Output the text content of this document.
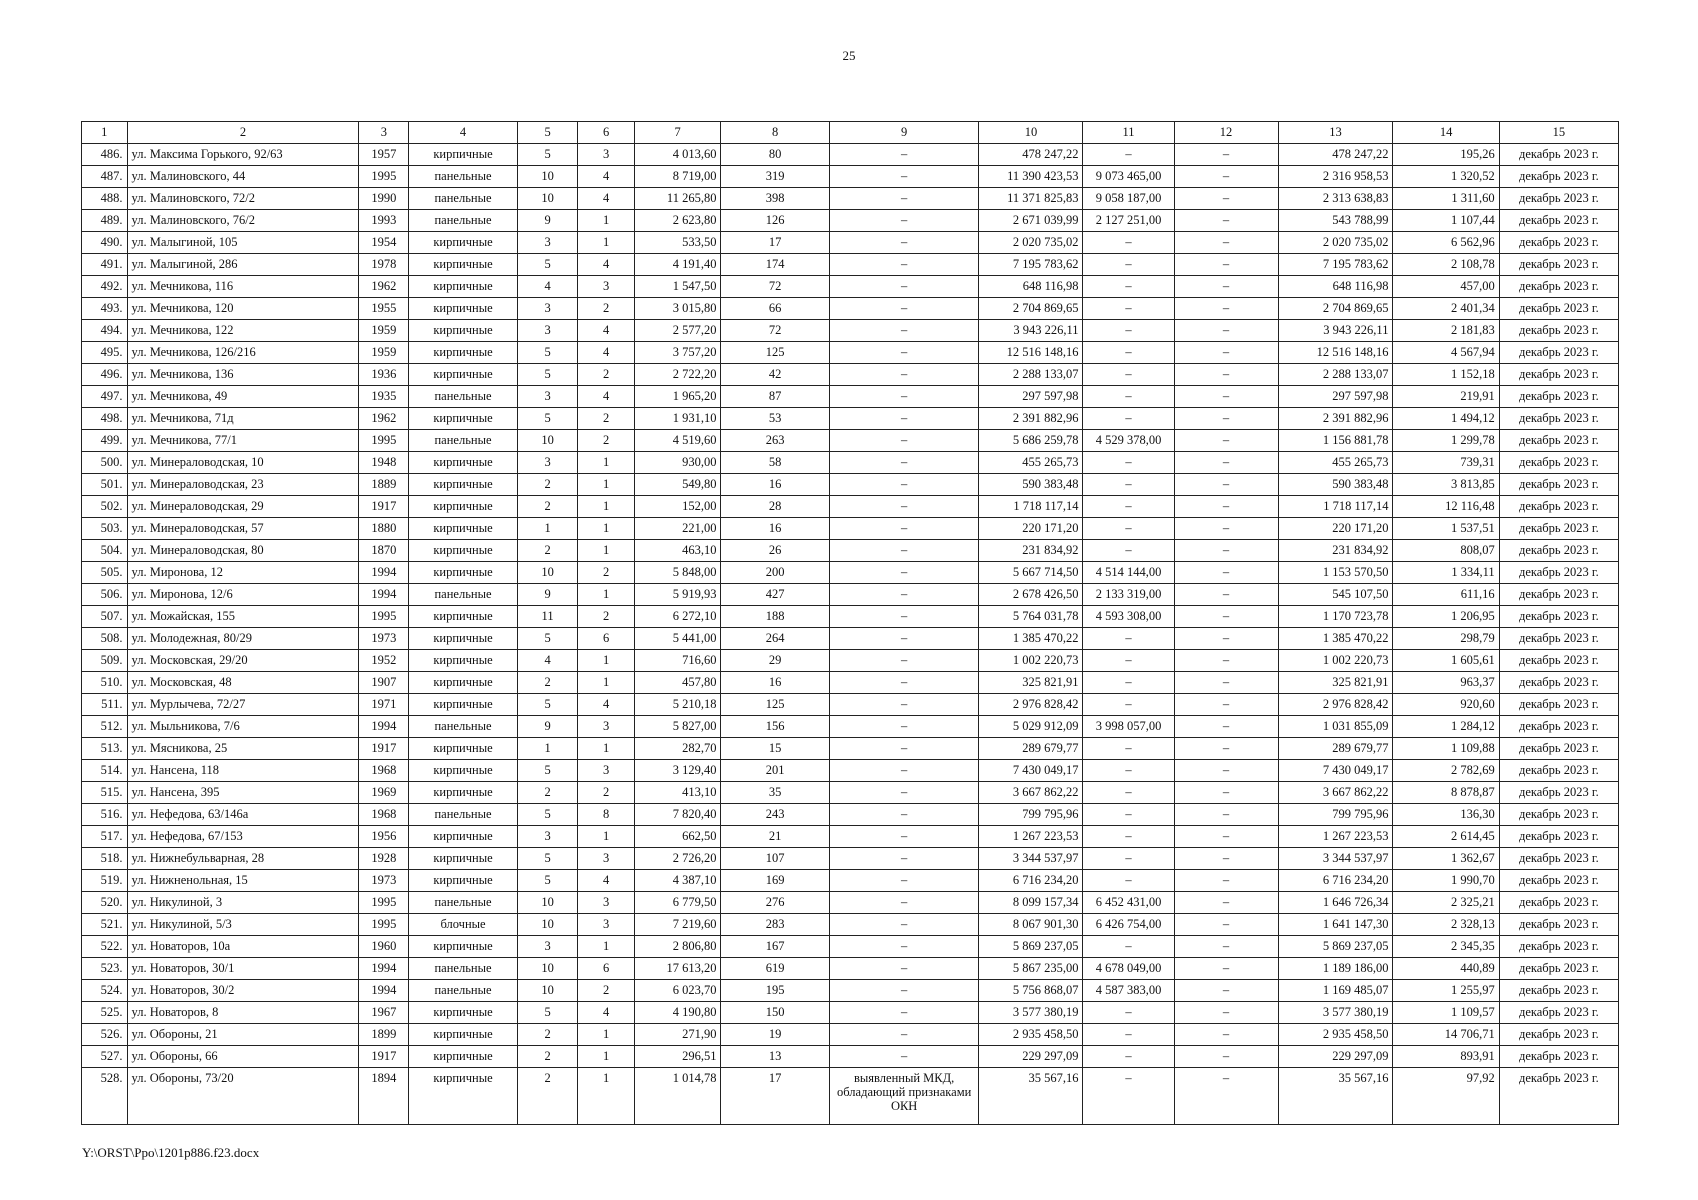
25
1	2	3	4	5	6	7	8	9	10	11	12	13	14	15
486.	ул. Максима Горького, 92/63	1957	кирпичные	5	3	4 013,60	80	–	478 247,22	–	–	478 247,22	195,26	декабрь 2023 г.
487.	ул. Малиновского, 44	1995	панельные	10	4	8 719,00	319	–	11 390 423,53	9 073 465,00	–	2 316 958,53	1 320,52	декабрь 2023 г.
488.	ул. Малиновского, 72/2	1990	панельные	10	4	11 265,80	398	–	11 371 825,83	9 058 187,00	–	2 313 638,83	1 311,60	декабрь 2023 г.
489.	ул. Малиновского, 76/2	1993	панельные	9	1	2 623,80	126	–	2 671 039,99	2 127 251,00	–	543 788,99	1 107,44	декабрь 2023 г.
490.	ул. Малыгиной, 105	1954	кирпичные	3	1	533,50	17	–	2 020 735,02	–	–	2 020 735,02	6 562,96	декабрь 2023 г.
491.	ул. Малыгиной, 286	1978	кирпичные	5	4	4 191,40	174	–	7 195 783,62	–	–	7 195 783,62	2 108,78	декабрь 2023 г.
492.	ул. Мечникова, 116	1962	кирпичные	4	3	1 547,50	72	–	648 116,98	–	–	648 116,98	457,00	декабрь 2023 г.
493.	ул. Мечникова, 120	1955	кирпичные	3	2	3 015,80	66	–	2 704 869,65	–	–	2 704 869,65	2 401,34	декабрь 2023 г.
494.	ул. Мечникова, 122	1959	кирпичные	3	4	2 577,20	72	–	3 943 226,11	–	–	3 943 226,11	2 181,83	декабрь 2023 г.
495.	ул. Мечникова, 126/216	1959	кирпичные	5	4	3 757,20	125	–	12 516 148,16	–	–	12 516 148,16	4 567,94	декабрь 2023 г.
496.	ул. Мечникова, 136	1936	кирпичные	5	2	2 722,20	42	–	2 288 133,07	–	–	2 288 133,07	1 152,18	декабрь 2023 г.
497.	ул. Мечникова, 49	1935	панельные	3	4	1 965,20	87	–	297 597,98	–	–	297 597,98	219,91	декабрь 2023 г.
498.	ул. Мечникова, 71д	1962	кирпичные	5	2	1 931,10	53	–	2 391 882,96	–	–	2 391 882,96	1 494,12	декабрь 2023 г.
499.	ул. Мечникова, 77/1	1995	панельные	10	2	4 519,60	263	–	5 686 259,78	4 529 378,00	–	1 156 881,78	1 299,78	декабрь 2023 г.
500.	ул. Минераловодская, 10	1948	кирпичные	3	1	930,00	58	–	455 265,73	–	–	455 265,73	739,31	декабрь 2023 г.
501.	ул. Минераловодская, 23	1889	кирпичные	2	1	549,80	16	–	590 383,48	–	–	590 383,48	3 813,85	декабрь 2023 г.
502.	ул. Минераловодская, 29	1917	кирпичные	2	1	152,00	28	–	1 718 117,14	–	–	1 718 117,14	12 116,48	декабрь 2023 г.
503.	ул. Минераловодская, 57	1880	кирпичные	1	1	221,00	16	–	220 171,20	–	–	220 171,20	1 537,51	декабрь 2023 г.
504.	ул. Минераловодская, 80	1870	кирпичные	2	1	463,10	26	–	231 834,92	–	–	231 834,92	808,07	декабрь 2023 г.
505.	ул. Миронова, 12	1994	кирпичные	10	2	5 848,00	200	–	5 667 714,50	4 514 144,00	–	1 153 570,50	1 334,11	декабрь 2023 г.
506.	ул. Миронова, 12/6	1994	панельные	9	1	5 919,93	427	–	2 678 426,50	2 133 319,00	–	545 107,50	611,16	декабрь 2023 г.
507.	ул. Можайская, 155	1995	кирпичные	11	2	6 272,10	188	–	5 764 031,78	4 593 308,00	–	1 170 723,78	1 206,95	декабрь 2023 г.
508.	ул. Молодежная, 80/29	1973	кирпичные	5	6	5 441,00	264	–	1 385 470,22	–	–	1 385 470,22	298,79	декабрь 2023 г.
509.	ул. Московская, 29/20	1952	кирпичные	4	1	716,60	29	–	1 002 220,73	–	–	1 002 220,73	1 605,61	декабрь 2023 г.
510.	ул. Московская, 48	1907	кирпичные	2	1	457,80	16	–	325 821,91	–	–	325 821,91	963,37	декабрь 2023 г.
511.	ул. Мурлычева, 72/27	1971	кирпичные	5	4	5 210,18	125	–	2 976 828,42	–	–	2 976 828,42	920,60	декабрь 2023 г.
512.	ул. Мыльникова, 7/6	1994	панельные	9	3	5 827,00	156	–	5 029 912,09	3 998 057,00	–	1 031 855,09	1 284,12	декабрь 2023 г.
513.	ул. Мясникова, 25	1917	кирпичные	1	1	282,70	15	–	289 679,77	–	–	289 679,77	1 109,88	декабрь 2023 г.
514.	ул. Нансена, 118	1968	кирпичные	5	3	3 129,40	201	–	7 430 049,17	–	–	7 430 049,17	2 782,69	декабрь 2023 г.
515.	ул. Нансена, 395	1969	кирпичные	2	2	413,10	35	–	3 667 862,22	–	–	3 667 862,22	8 878,87	декабрь 2023 г.
516.	ул. Нефедова, 63/146а	1968	панельные	5	8	7 820,40	243	–	799 795,96	–	–	799 795,96	136,30	декабрь 2023 г.
517.	ул. Нефедова, 67/153	1956	кирпичные	3	1	662,50	21	–	1 267 223,53	–	–	1 267 223,53	2 614,45	декабрь 2023 г.
518.	ул. Нижнебульварная, 28	1928	кирпичные	5	3	2 726,20	107	–	3 344 537,97	–	–	3 344 537,97	1 362,67	декабрь 2023 г.
519.	ул. Нижненольная, 15	1973	кирпичные	5	4	4 387,10	169	–	6 716 234,20	–	–	6 716 234,20	1 990,70	декабрь 2023 г.
520.	ул. Никулиной, 3	1995	панельные	10	3	6 779,50	276	–	8 099 157,34	6 452 431,00	–	1 646 726,34	2 325,21	декабрь 2023 г.
521.	ул. Никулиной, 5/3	1995	блочные	10	3	7 219,60	283	–	8 067 901,30	6 426 754,00	–	1 641 147,30	2 328,13	декабрь 2023 г.
522.	ул. Новаторов, 10а	1960	кирпичные	3	1	2 806,80	167	–	5 869 237,05	–	–	5 869 237,05	2 345,35	декабрь 2023 г.
523.	ул. Новаторов, 30/1	1994	панельные	10	6	17 613,20	619	–	5 867 235,00	4 678 049,00	–	1 189 186,00	440,89	декабрь 2023 г.
524.	ул. Новаторов, 30/2	1994	панельные	10	2	6 023,70	195	–	5 756 868,07	4 587 383,00	–	1 169 485,07	1 255,97	декабрь 2023 г.
525.	ул. Новаторов, 8	1967	кирпичные	5	4	4 190,80	150	–	3 577 380,19	–	–	3 577 380,19	1 109,57	декабрь 2023 г.
526.	ул. Обороны, 21	1899	кирпичные	2	1	271,90	19	–	2 935 458,50	–	–	2 935 458,50	14 706,71	декабрь 2023 г.
527.	ул. Обороны, 66	1917	кирпичные	2	1	296,51	13	–	229 297,09	–	–	229 297,09	893,91	декабрь 2023 г.
528.	ул. Обороны, 73/20	1894	кирпичные	2	1	1 014,78	17	выявленный МКД, обладающий признаками ОКН	35 567,16	–	–	35 567,16	97,92	декабрь 2023 г.
Y:\ORST\Ppo\1201p886.f23.docx
